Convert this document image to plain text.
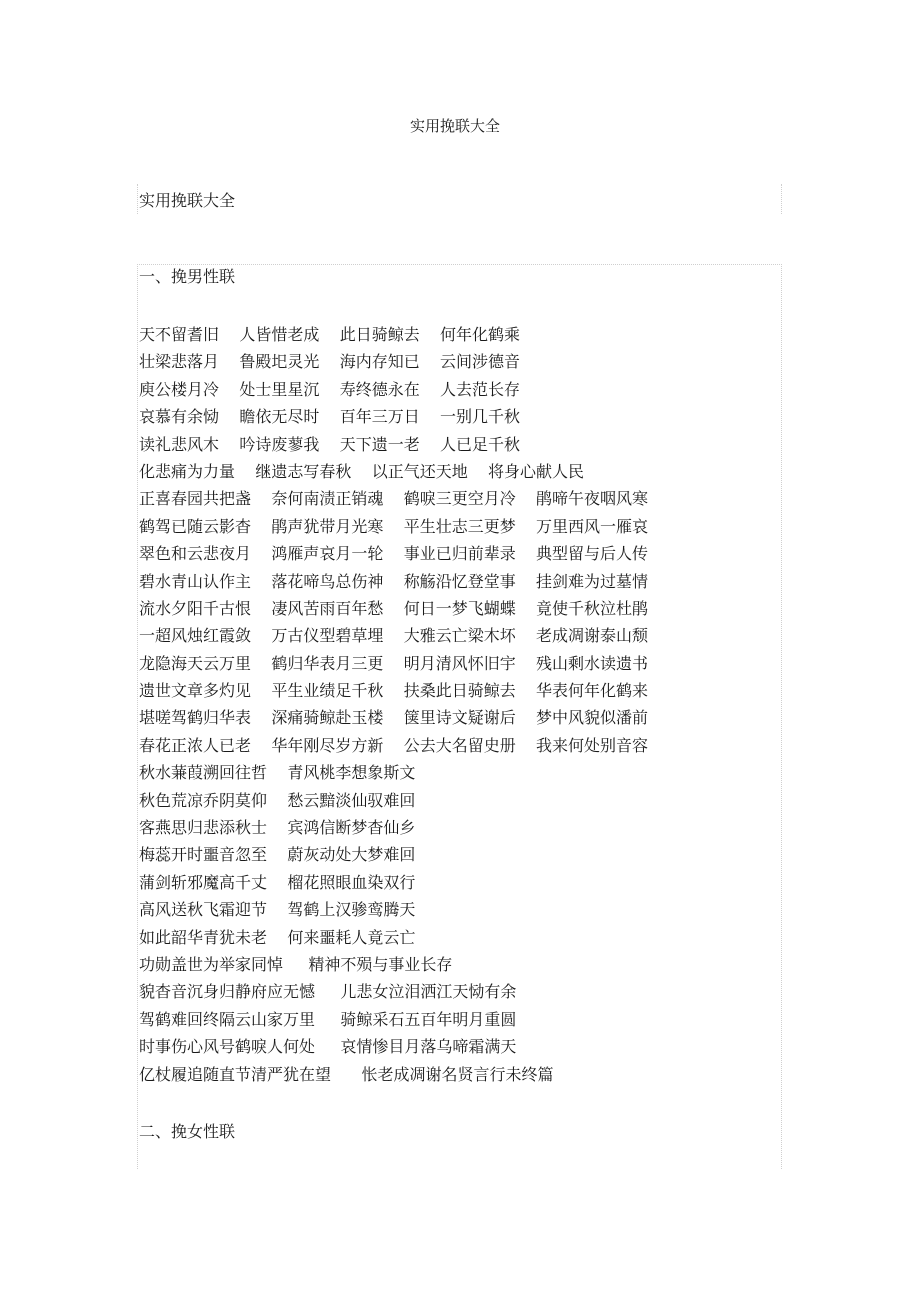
实用挽联大全
实用挽联大全
一、挽男性联
天不留耆旧    人皆惜老成    此日骑鲸去    何年化鹤乘
壮梁悲落月    鲁殿圯灵光    海内存知已    云间涉德音
庾公楼月冷    处士里星沉    寿终德永在    人去范长存
哀慕有余恸    瞻依无尽时    百年三万日    一别几千秋
读礼悲风木    吟诗废蓼我    天下遗一老    人已足千秋
化悲痛为力量    继遗志写春秋    以正气还天地    将身心献人民
正喜春园共把盏    奈何南渍正销魂    鹤唳三更空月冷    鹃啼午夜咽风寒
鹤驾已随云影杳    鹃声犹带月光寒    平生壮志三更梦    万里西风一雁哀
翠色和云悲夜月    鸿雁声哀月一轮    事业已归前辈录    典型留与后人传
碧水青山认作主    落花啼鸟总伤神    称觞沿忆登堂事    挂剑难为过墓情
流水夕阳千古恨    凄风苦雨百年愁    何日一梦飞蝴蝶    竟使千秋泣杜鹃
一超风烛红霞敛    万古仪型碧草埋    大雅云亡梁木坏    老成凋谢泰山颓
龙隐海天云万里    鹤归华表月三更    明月清风怀旧宇    残山剩水读遗书
遗世文章多灼见    平生业绩足千秋    扶桑此日骑鲸去    华表何年化鹤来
堪嗟驾鹤归华表    深痛骑鲸赴玉楼    箧里诗文疑谢后    梦中风貌似潘前
春花正浓人已老    华年刚尽岁方新    公去大名留史册    我来何处别音容
秋水蒹葭溯回往哲    青风桃李想象斯文
秋色荒凉乔阴莫仰    愁云黯淡仙驭难回
客燕思归悲添秋士    宾鸿信断梦杳仙乡
梅蕊开时噩音忽至    蔚灰动处大梦难回
蒲剑斩邪魔高千丈    榴花照眼血染双行
高风送秋飞霜迎节    驾鹤上汉骖鸾腾天
如此韶华青犹未老    何来噩耗人竟云亡
功勋盖世为举家同悼     精神不殒与事业长存
貌杳音沉身归静府应无憾     儿悲女泣泪洒江天恸有余
驾鹤难回终隔云山家万里     骑鲸采石五百年明月重圆
时事伤心风号鹤唳人何处     哀情惨目月落乌啼霜满天
亿杖履追随直节清严犹在望      怅老成凋谢名贤言行未终篇
二、挽女性联
